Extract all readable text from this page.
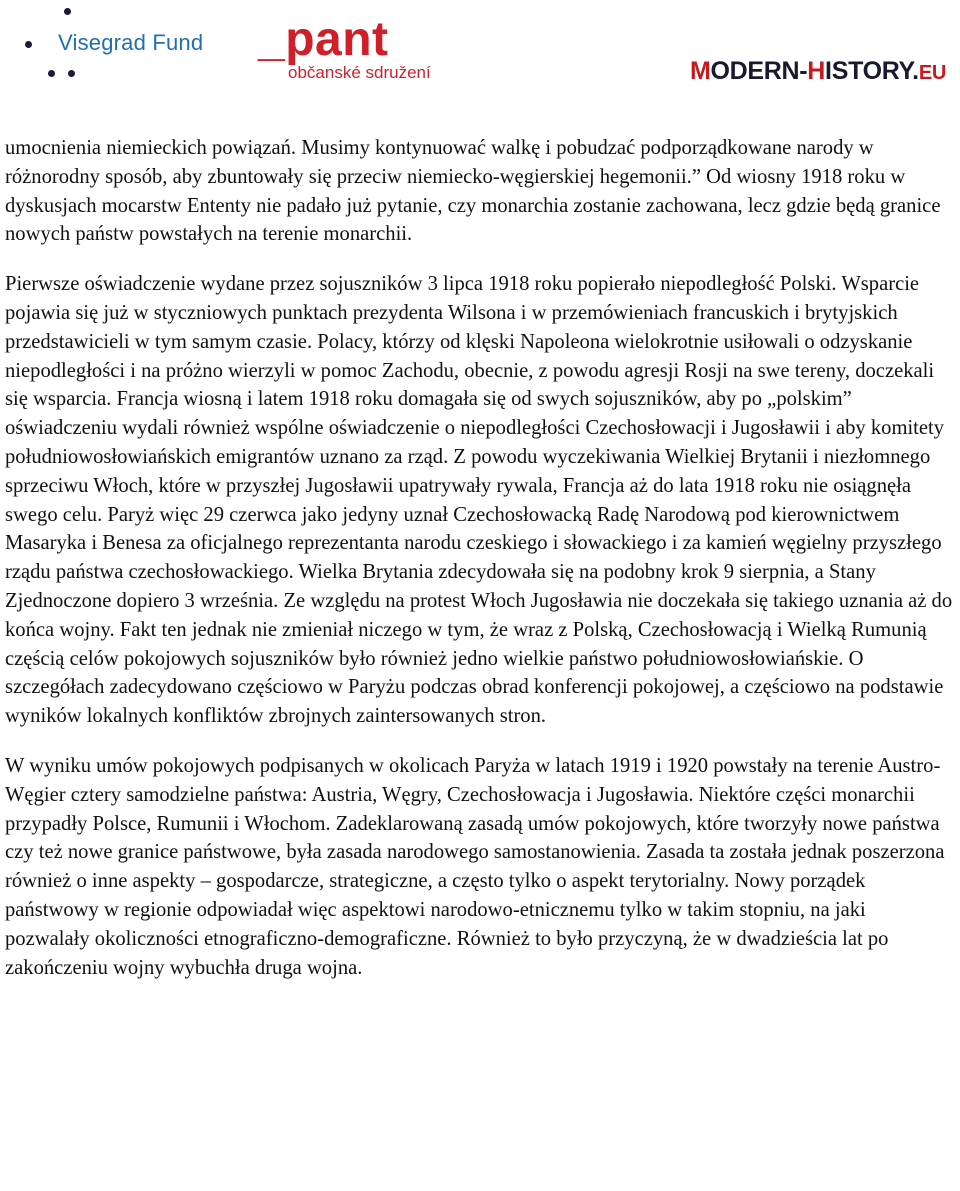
Visegrad Fund _pant
občanské sdružení	MODERN-HISTORY.EU

umocnienia niemieckich powiązań. Musimy kontynuować walkę i pobudzać podporządkowane narody w różnorodny sposób, aby zbuntowały się przeciw niemiecko-węgierskiej hegemonii.” Od wiosny 1918 roku w dyskusjach mocarstw Ententy nie padało już pytanie, czy monarchia zostanie zachowana, lecz gdzie będą granice nowych państw powstałych na terenie monarchii.

Pierwsze oświadczenie wydane przez sojuszników 3 lipca 1918 roku popierało niepodległość Polski. Wsparcie pojawia się już w styczniowych punktach prezydenta Wilsona i w przemówieniach francuskich i brytyjskich przedstawicieli w tym samym czasie. Polacy, którzy od klęski Napoleona wielokrotnie usiłowali o odzyskanie niepodległości i na próżno wierzyli w pomoc Zachodu, obecnie, z powodu agresji Rosji na swe tereny, doczekali się wsparcia. Francja wiosną i latem 1918 roku domagała się od swych sojuszników, aby po „polskim” oświadczeniu wydali również wspólne oświadczenie o niepodległości Czechosłowacji i Jugosławii i aby komitety południowosłowiańskich emigrantów uznano za rząd. Z powodu wyczekiwania Wielkiej Brytanii i niezłomnego sprzeciwu Włoch, które w przyszłej Jugosławii upatrywały rywala, Francja aż do lata 1918 roku nie osiągnęła swego celu. Paryż więc 29 czerwca jako jedyny uznał Czechosłowacką Radę Narodową pod kierownictwem Masaryka i Benesa za oficjalnego reprezentanta narodu czeskiego i słowackiego i za kamień węgielny przyszłego rządu państwa czechosłowackiego. Wielka Brytania zdecydowała się na podobny krok 9 sierpnia, a Stany Zjednoczone dopiero 3 września. Ze względu na protest Włoch Jugosławia nie doczekała się takiego uznania aż do końca wojny. Fakt ten jednak nie zmieniał niczego w tym, że wraz z Polską, Czechosłowacją i Wielką Rumunią częścią celów pokojowych sojuszników było również jedno wielkie państwo południowosłowiańskie. O szczegółach zadecydowano częściowo w Paryżu podczas obrad konferencji pokojowej, a częściowo na podstawie wyników lokalnych konfliktów zbrojnych zaintersowanych stron.

W wyniku umów pokojowych podpisanych w okolicach Paryża w latach 1919 i 1920 powstały na terenie Austro-Węgier cztery samodzielne państwa: Austria, Węgry, Czechosłowacja i Jugosławia. Niektóre części monarchii przypadły Polsce, Rumunii i Włochom. Zadeklarowaną zasadą umów pokojowych, które tworzyły nowe państwa czy też nowe granice państwowe, była zasada narodowego samostanowienia. Zasada ta została jednak poszerzona również o inne aspekty – gospodarcze, strategiczne, a często tylko o aspekt terytorialny. Nowy porządek państwowy w regionie odpowiadał więc aspektowi narodowo-etnicznemu tylko w takim stopniu, na jaki pozwalały okoliczności etnograficzno-demograficzne. Również to było przyczyną, że w dwadzieścia lat po zakończeniu wojny wybuchła druga wojna.
